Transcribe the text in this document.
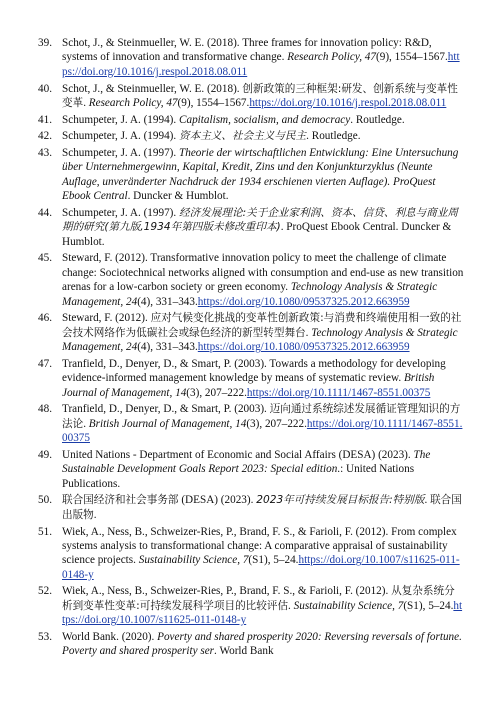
39. Schot, J., & Steinmueller, W. E. (2018). Three frames for innovation policy: R&D, systems of innovation and transformative change. Research Policy, 47(9), 1554–1567.https://doi.org/10.1016/j.respol.2018.08.011
40. Schot, J., & Steinmueller, W. E. (2018). 创新政策的三种框架:研发、创新系统与变革性变革. Research Policy, 47(9), 1554–1567.https://doi.org/10.1016/j.respol.2018.08.011
41. Schumpeter, J. A. (1994). Capitalism, socialism, and democracy. Routledge.
42. Schumpeter, J. A. (1994). 资本主义、社会主义与民主. Routledge.
43. Schumpeter, J. A. (1997). Theorie der wirtschaftlichen Entwicklung: Eine Untersuchung über Unternehmergewinn, Kapital, Kredit, Zins und den Konjunkturzyklus (Neunte Auflage, unveränderter Nachdruck der 1934 erschienen vierten Auflage). ProQuest Ebook Central. Duncker & Humblot.
44. Schumpeter, J. A. (1997). 经济发展理论:关于企业家利润、资本、信贷、利息与商业周期的研究(第九版,1934年第四版未修改重印本). ProQuest Ebook Central. Duncker & Humblot.
45. Steward, F. (2012). Transformative innovation policy to meet the challenge of climate change: Sociotechnical networks aligned with consumption and end-use as new transition arenas for a low-carbon society or green economy. Technology Analysis & Strategic Management, 24(4), 331–343.https://doi.org/10.1080/09537325.2012.663959
46. Steward, F. (2012). 应对气候变化挑战的变革性创新政策:与消费和终端使用相一致的社会技术网络作为低碳社会或绿色经济的新型转型舞台. Technology Analysis & Strategic Management, 24(4), 331–343.https://doi.org/10.1080/09537325.2012.663959
47. Tranfield, D., Denyer, D., & Smart, P. (2003). Towards a methodology for developing evidence-informed management knowledge by means of systematic review. British Journal of Management, 14(3), 207–222.https://doi.org/10.1111/1467-8551.00375
48. Tranfield, D., Denyer, D., & Smart, P. (2003). 迈向通过系统综述发展循证管理知识的方法论. British Journal of Management, 14(3), 207–222.https://doi.org/10.1111/1467-8551.00375
49. United Nations - Department of Economic and Social Affairs (DESA) (2023). The Sustainable Development Goals Report 2023: Special edition.: United Nations Publications.
50. 联合国经济和社会事务部 (DESA) (2023). 2023年可持续发展目标报告:特别版. 联合国出版物.
51. Wiek, A., Ness, B., Schweizer-Ries, P., Brand, F. S., & Farioli, F. (2012). From complex systems analysis to transformational change: A comparative appraisal of sustainability science projects. Sustainability Science, 7(S1), 5–24.https://doi.org/10.1007/s11625-011-0148-y
52. Wiek, A., Ness, B., Schweizer-Ries, P., Brand, F. S., & Farioli, F. (2012). 从复杂系统分析到变革性变革:可持续发展科学项目的比较评估. Sustainability Science, 7(S1), 5–24.https://doi.org/10.1007/s11625-011-0148-y
53. World Bank. (2020). Poverty and shared prosperity 2020: Reversing reversals of fortune. Poverty and shared prosperity ser. World Bank
